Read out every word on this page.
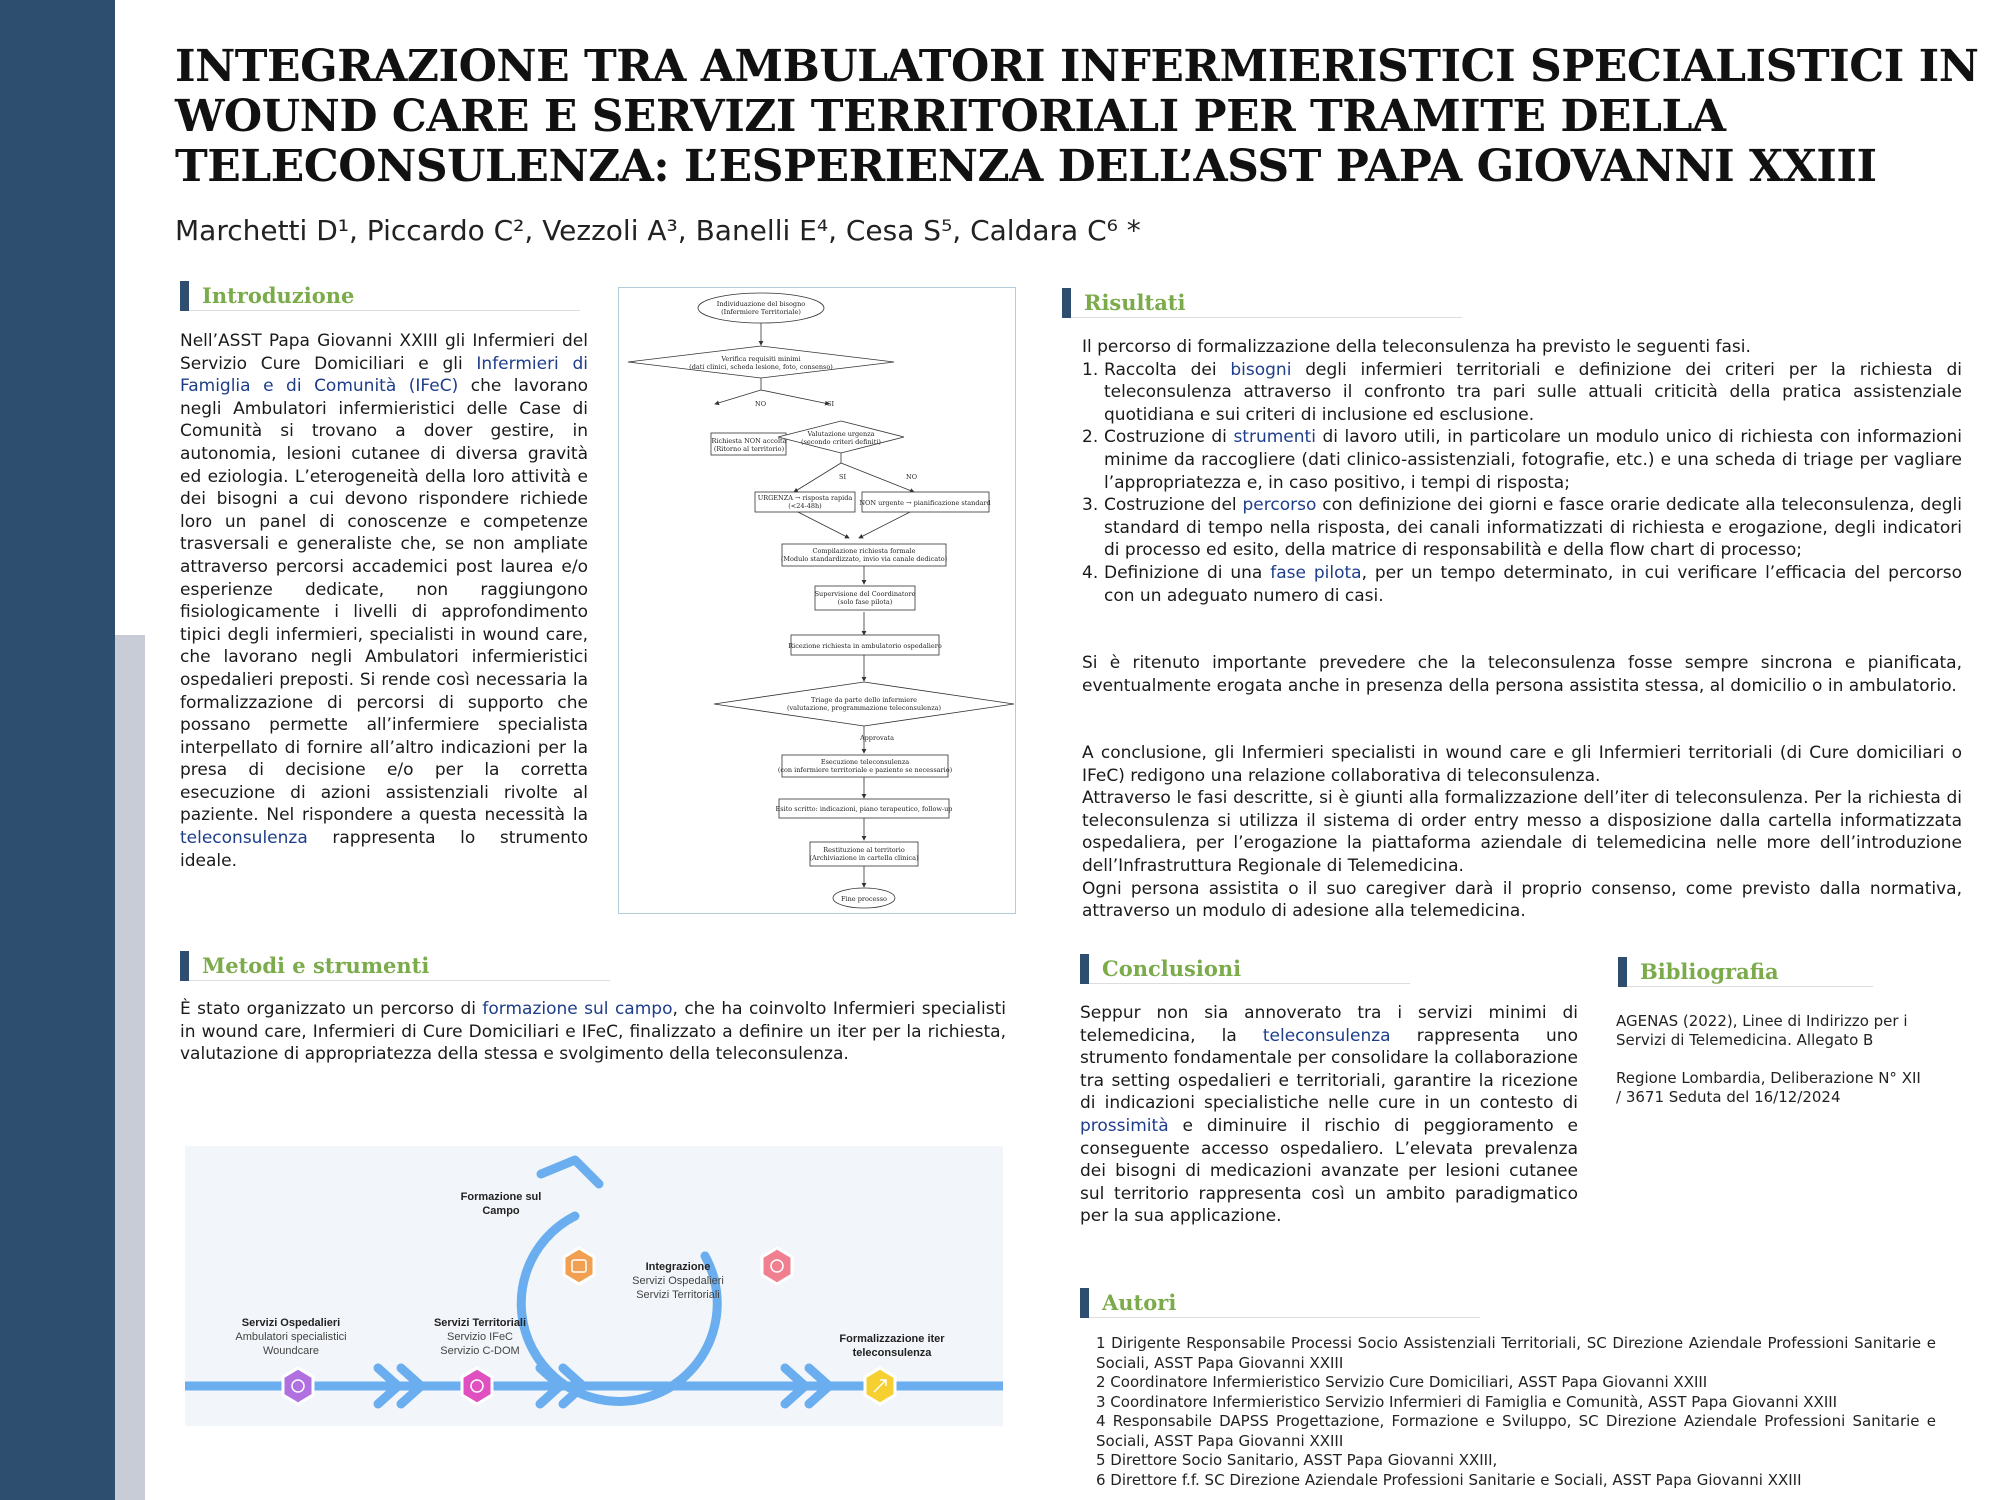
INTEGRAZIONE TRA AMBULATORI INFERMIERISTICI SPECIALISTICI IN
WOUND CARE E SERVIZI TERRITORIALI PER TRAMITE DELLA
TELECONSULENZA: L’ESPERIENZA DELL’ASST PAPA GIOVANNI XXIII
Marchetti D¹, Piccardo C², Vezzoli A³, Banelli E⁴, Cesa S⁵, Caldara C⁶ *
Introduzione
Nell’ASST Papa Giovanni XXIII gli Infermieri del Servizio Cure Domiciliari e gli Infermieri di Famiglia e di Comunità (IFeC) che lavorano negli Ambulatori infermieristici delle Case di Comunità si trovano a dover gestire, in autonomia, lesioni cutanee di diversa gravità ed eziologia. L’eterogeneità della loro attività e dei bisogni a cui devono rispondere richiede loro un panel di conoscenze e competenze trasversali e generaliste che, se non ampliate attraverso percorsi accademici post laurea e/o esperienze dedicate, non raggiungono fisiologicamente i livelli di approfondimento tipici degli infermieri, specialisti in wound care, che lavorano negli Ambulatori infermieristici ospedalieri preposti. Si rende così necessaria la formalizzazione di percorsi di supporto che possano permette all’infermiere specialista interpellato di fornire all’altro indicazioni per la presa di decisione e/o per la corretta esecuzione di azioni assistenziali rivolte al paziente. Nel rispondere a questa necessità la teleconsulenza rappresenta lo strumento ideale.
Individuazione del bisogno
(Infermiere Territoriale)
Verifica requisiti minimi
(dati clinici, scheda lesione, foto, consenso)
Richiesta NON accolta
(Ritorno al territorio)
Valutazione urgenza
(secondo criteri definiti)
URGENZA → risposta rapida
(<24-48h)	NON urgente → pianificazione standard
Compilazione richiesta formale
(Modulo standardizzato, invio via canale dedicato)
Supervisione del Coordinatore
(solo fase pilota)
Ricezione richiesta in ambulatorio ospedaliero
Triage da parte dello infermiere
(valutazione, programmazione teleconsulenza)
Approvata
Esecuzione teleconsulenza
(con infermiere territoriale e paziente se necessario)
Esito scritto: indicazioni, piano terapeutico, follow-up
Restituzione al territorio
(Archiviazione in cartella clinica)
Fine processo
NO	SI
SI	NO
Risultati
Il percorso di formalizzazione della teleconsulenza ha previsto le seguenti fasi.
1. Raccolta dei bisogni degli infermieri territoriali e definizione dei criteri per la richiesta di teleconsulenza attraverso il confronto tra pari sulle attuali criticità della pratica assistenziale quotidiana e sui criteri di inclusione ed esclusione.
2. Costruzione di strumenti di lavoro utili, in particolare un modulo unico di richiesta con informazioni minime da raccogliere (dati clinico-assistenziali, fotografie, etc.) e una scheda di triage per vagliare l’appropriatezza e, in caso positivo, i tempi di risposta;
3. Costruzione del percorso con definizione dei giorni e fasce orarie dedicate alla teleconsulenza, degli standard di tempo nella risposta, dei canali informatizzati di richiesta e erogazione, degli indicatori di processo ed esito, della matrice di responsabilità e della flow chart di processo;
4. Definizione di una fase pilota, per un tempo determinato, in cui verificare l’efficacia del percorso con un adeguato numero di casi.
Si è ritenuto importante prevedere che la teleconsulenza fosse sempre sincrona e pianificata, eventualmente erogata anche in presenza della persona assistita stessa, al domicilio o in ambulatorio.
A conclusione, gli Infermieri specialisti in wound care e gli Infermieri territoriali (di Cure domiciliari o IFeC) redigono una relazione collaborativa di teleconsulenza.
Attraverso le fasi descritte, si è giunti alla formalizzazione dell’iter di teleconsulenza. Per la richiesta di teleconsulenza si utilizza il sistema di order entry messo a disposizione dalla cartella informatizzata ospedaliera, per l’erogazione la piattaforma aziendale di telemedicina nelle more dell’introduzione dell’Infrastruttura Regionale di Telemedicina.
Ogni persona assistita o il suo caregiver darà il proprio consenso, come previsto dalla normativa, attraverso un modulo di adesione alla telemedicina.
Metodi e strumenti
È stato organizzato un percorso di formazione sul campo, che ha coinvolto Infermieri specialisti in wound care, Infermieri di Cure Domiciliari e IFeC, finalizzato a definire un iter per la richiesta, valutazione di appropriatezza della stessa e svolgimento della teleconsulenza.
Formazione sul
Campo
Integrazione
Servizi Ospedalieri
Servizi Territoriali
Servizi Ospedalieri
Ambulatori specialistici
Woundcare
Servizi Territoriali
Servizio IFeC
Servizio C-DOM
Formalizzazione iter
teleconsulenza
Conclusioni
Seppur non sia annoverato tra i servizi minimi di telemedicina, la teleconsulenza rappresenta uno strumento fondamentale per consolidare la collaborazione tra setting ospedalieri e territoriali, garantire la ricezione di indicazioni specialistiche nelle cure in un contesto di prossimità e diminuire il rischio di peggioramento e conseguente accesso ospedaliero. L’elevata prevalenza dei bisogni di medicazioni avanzate per lesioni cutanee sul territorio rappresenta così un ambito paradigmatico per la sua applicazione.
Bibliografia

AGENAS (2022), Linee di Indirizzo per i Servizi di Telemedicina. Allegato B

Regione Lombardia, Deliberazione N° XII / 3671 Seduta del 16/12/2024

Autori
1 Dirigente Responsabile Processi Socio Assistenziali Territoriali, SC Direzione Aziendale Professioni Sanitarie e Sociali, ASST Papa Giovanni XXIII
2 Coordinatore Infermieristico Servizio Cure Domiciliari, ASST Papa Giovanni XXIII
3 Coordinatore Infermieristico Servizio Infermieri di Famiglia e Comunità, ASST Papa Giovanni XXIII
4 Responsabile DAPSS Progettazione, Formazione e Sviluppo, SC Direzione Aziendale Professioni Sanitarie e Sociali, ASST Papa Giovanni XXIII
5 Direttore Socio Sanitario, ASST Papa Giovanni XXIII,
6 Direttore f.f. SC Direzione Aziendale Professioni Sanitarie e Sociali, ASST Papa Giovanni XXIII
